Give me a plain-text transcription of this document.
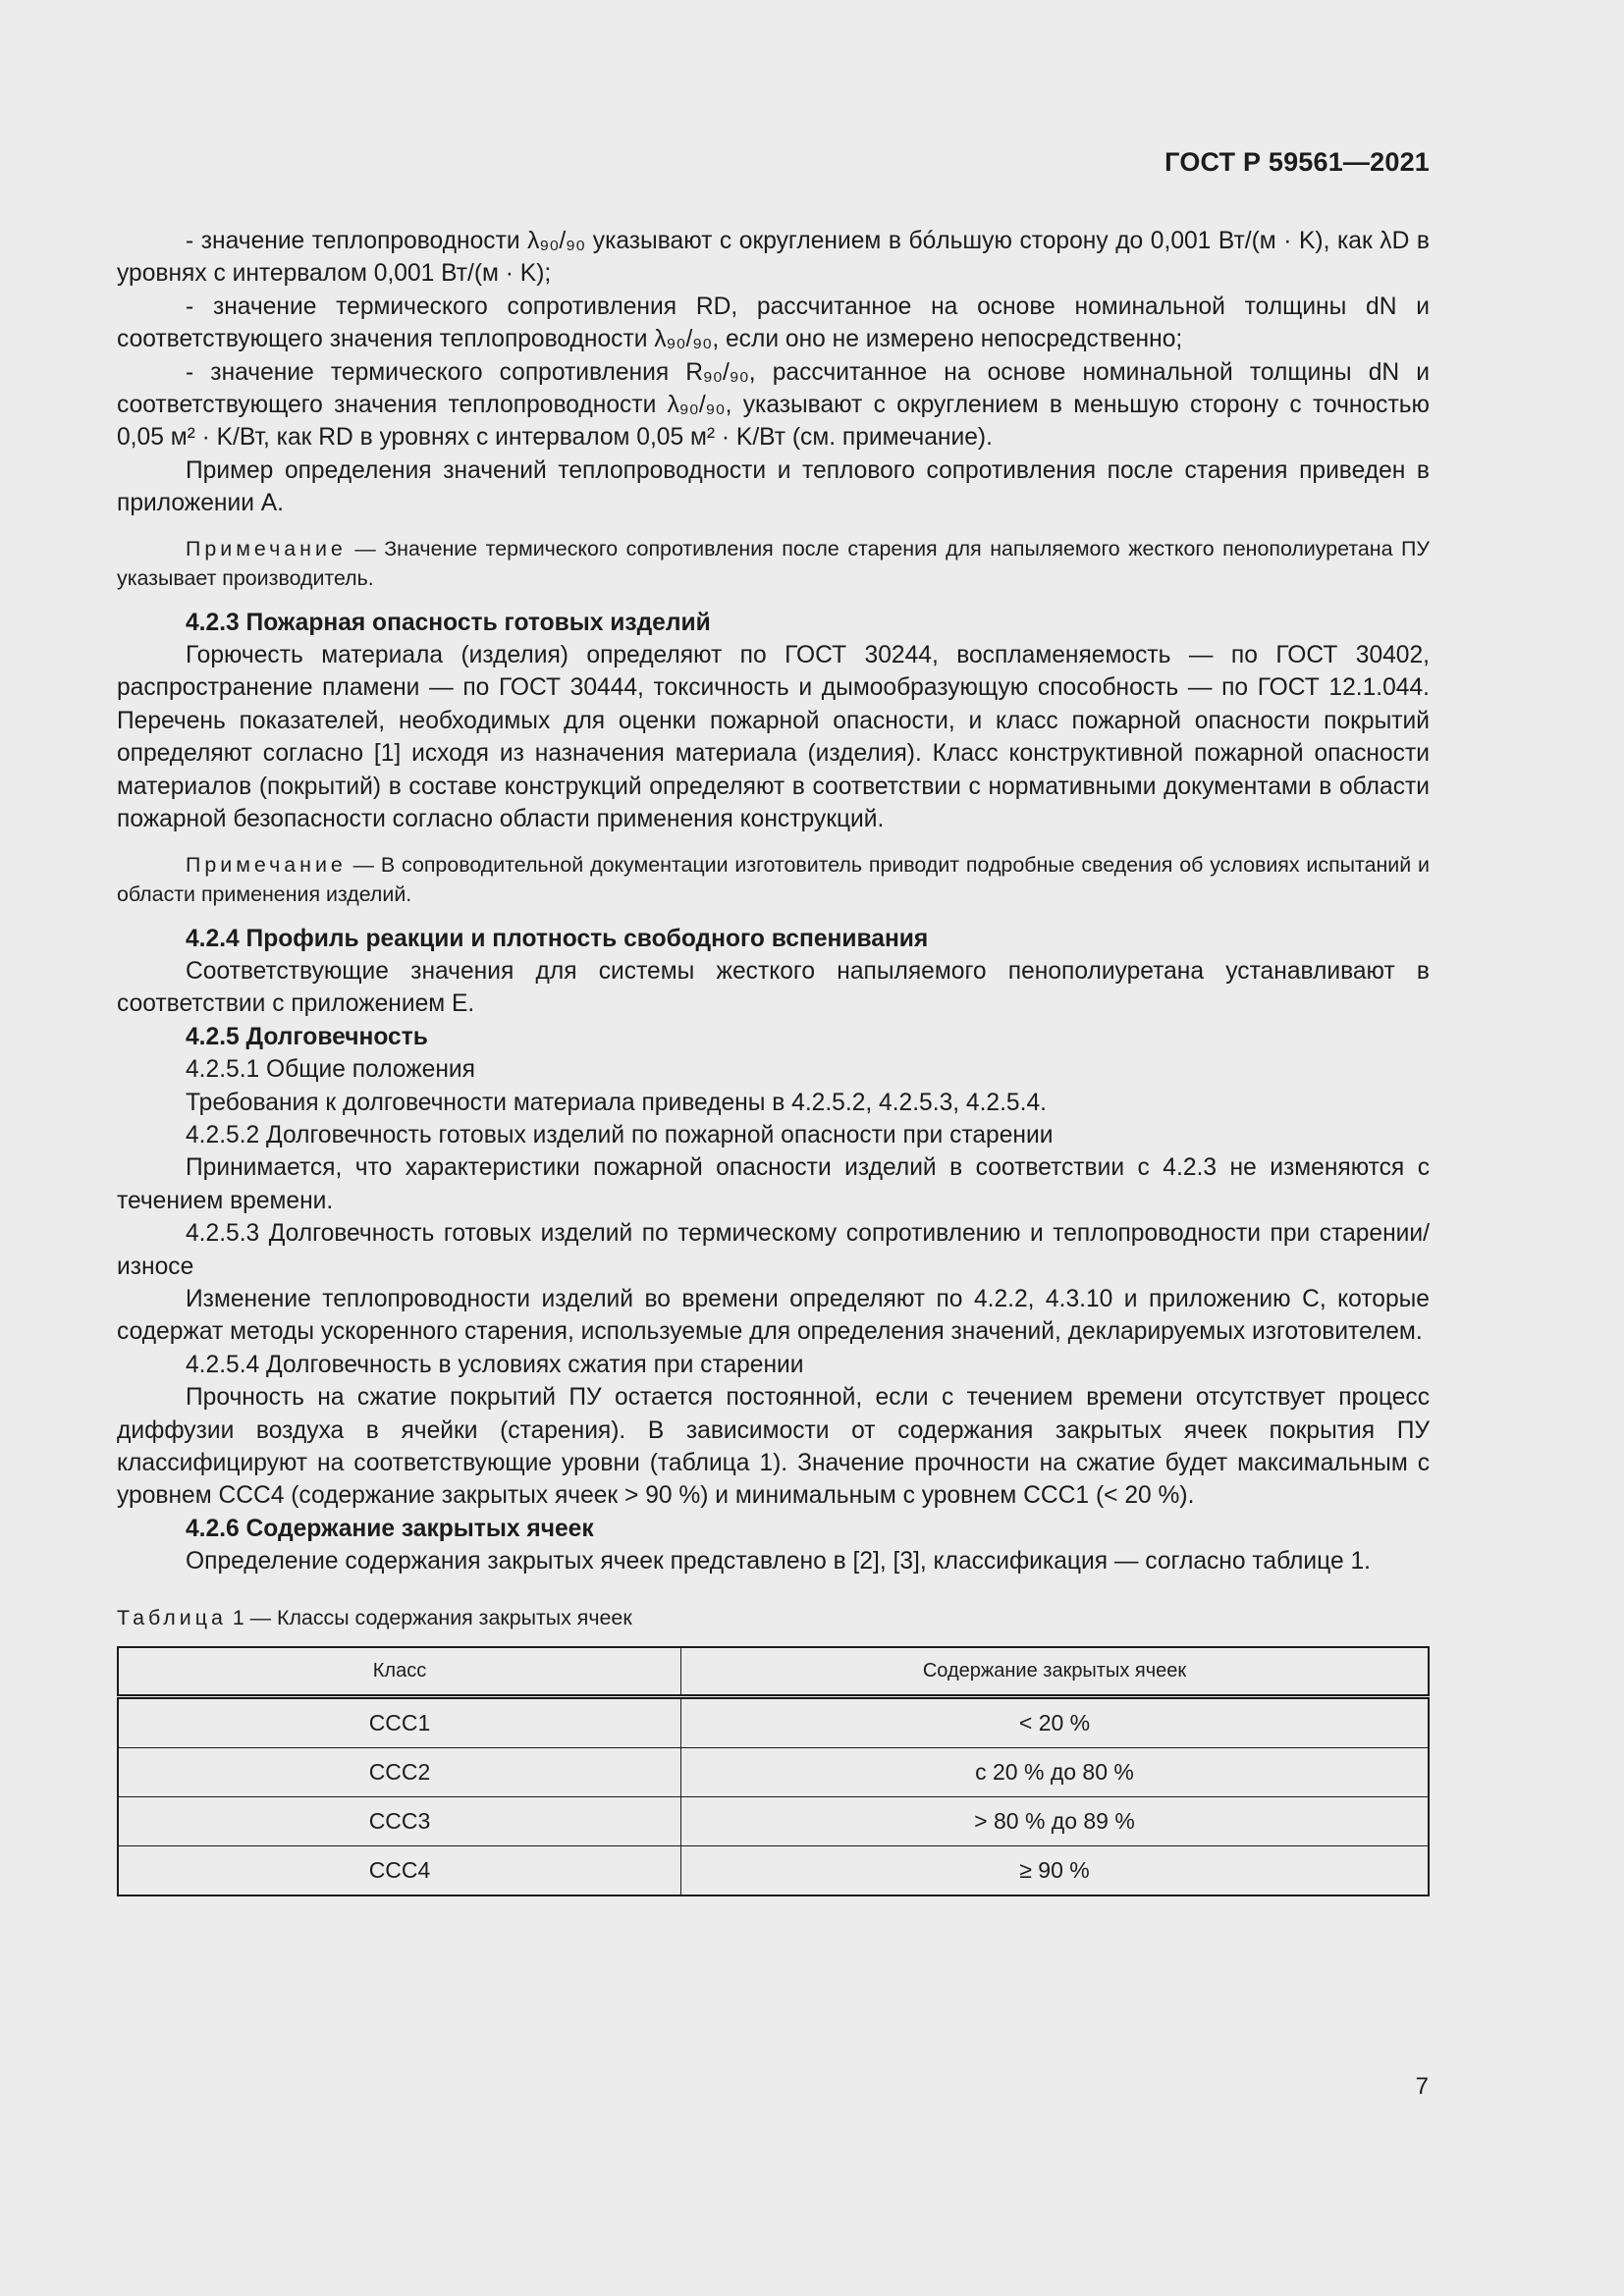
ГОСТ Р 59561—2021

- значение теплопроводности λ₉₀/₉₀ указывают с округлением в бóльшую сторону до 0,001 Вт/(м · K), как λD в уровнях с интервалом 0,001 Вт/(м · K);

- значение термического сопротивления RD, рассчитанное на основе номинальной толщины dN и соответствующего значения теплопроводности λ₉₀/₉₀, если оно не измерено непосредственно;

- значение термического сопротивления R₉₀/₉₀, рассчитанное на основе номинальной толщины dN и соответствующего значения теплопроводности λ₉₀/₉₀, указывают с округлением в меньшую сторону с точностью 0,05 м² · K/Вт, как RD в уровнях с интервалом 0,05 м² · K/Вт (см. примечание).

Пример определения значений теплопроводности и теплового сопротивления после старения приведен в приложении А.

Примечание — Значение термического сопротивления после старения для напыляемого жесткого пенополиуретана ПУ указывает производитель.

4.2.3 Пожарная опасность готовых изделий

Горючесть материала (изделия) определяют по ГОСТ 30244, воспламеняемость — по ГОСТ 30402, распространение пламени — по ГОСТ 30444, токсичность и дымообразующую способность — по ГОСТ 12.1.044. Перечень показателей, необходимых для оценки пожарной опасности, и класс пожарной опасности покрытий определяют согласно [1] исходя из назначения материала (изделия). Класс конструктивной пожарной опасности материалов (покрытий) в составе конструкций определяют в соответствии с нормативными документами в области пожарной безопасности согласно области применения конструкций.

Примечание — В сопроводительной документации изготовитель приводит подробные сведения об условиях испытаний и области применения изделий.

4.2.4 Профиль реакции и плотность свободного вспенивания

Соответствующие значения для системы жесткого напыляемого пенополиуретана устанавливают в соответствии с приложением Е.

4.2.5 Долговечность

4.2.5.1 Общие положения

Требования к долговечности материала приведены в 4.2.5.2, 4.2.5.3, 4.2.5.4.

4.2.5.2 Долговечность готовых изделий по пожарной опасности при старении

Принимается, что характеристики пожарной опасности изделий в соответствии с 4.2.3 не изменяются с течением времени.

4.2.5.3 Долговечность готовых изделий по термическому сопротивлению и теплопроводности при старении/износе

Изменение теплопроводности изделий во времени определяют по 4.2.2, 4.3.10 и приложению С, которые содержат методы ускоренного старения, используемые для определения значений, декларируемых изготовителем.

4.2.5.4 Долговечность в условиях сжатия при старении

Прочность на сжатие покрытий ПУ остается постоянной, если с течением времени отсутствует процесс диффузии воздуха в ячейки (старения). В зависимости от содержания закрытых ячеек покрытия ПУ классифицируют на соответствующие уровни (таблица 1). Значение прочности на сжатие будет максимальным с уровнем ССС4 (содержание закрытых ячеек > 90 %) и минимальным с уровнем ССС1 (< 20 %).

4.2.6 Содержание закрытых ячеек

Определение содержания закрытых ячеек представлено в [2], [3], классификация — согласно таблице 1.

Таблица 1 — Классы содержания закрытых ячеек
Класс	Содержание закрытых ячеек
ССС1	< 20 %
ССС2	с 20 % до 80 %
ССС3	> 80 % до 89 %
ССС4	≥ 90 %
7
